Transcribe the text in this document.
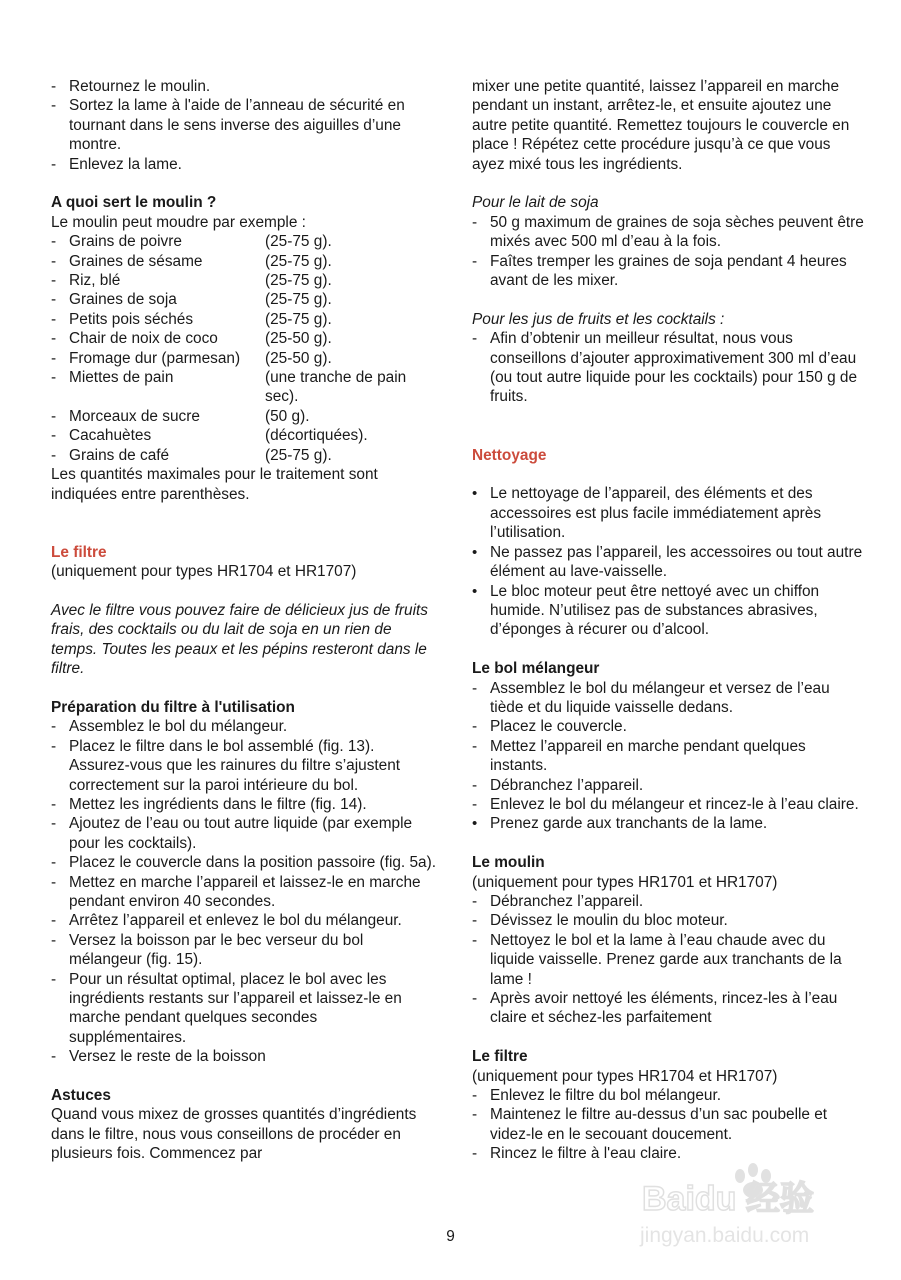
- Retournez le moulin.
- Sortez la lame à l'aide de l’anneau de sécurité en tournant dans le sens inverse des aiguilles d’une montre.
- Enlevez la lame.

A quoi sert le moulin ?

Le moulin peut moudre par exemple :

- Grains de poivre	(25-75 g).
- Graines de sésame	(25-75 g).
- Riz, blé	(25-75 g).
- Graines de soja	(25-75 g).
- Petits pois séchés	(25-75 g).
- Chair de noix de coco	(25-50 g).
- Fromage dur (parmesan)	(25-50 g).
- Miettes de pain	(une tranche de pain sec).
- Morceaux de sucre	(50 g).
- Cacahuètes	(décortiquées).
- Grains de café	(25-75 g).

Les quantités maximales pour le traitement sont indiquées entre parenthèses.

Le filtre

(uniquement pour types HR1704 et HR1707)

Avec le filtre vous pouvez faire de délicieux jus de fruits frais, des cocktails ou du lait de soja en un rien de temps. Toutes les peaux et les pépins resteront dans le filtre.

Préparation du filtre à l'utilisation

- Assemblez le bol du mélangeur.
- Placez le filtre dans le bol assemblé (fig. 13). Assurez-vous que les rainures du filtre s’ajustent correctement sur la paroi intérieure du bol.
- Mettez les ingrédients dans le filtre (fig. 14).
- Ajoutez de l’eau ou tout autre liquide (par exemple pour les cocktails).
- Placez le couvercle dans la position passoire (fig. 5a).
- Mettez en marche l’appareil et laissez-le en marche pendant environ 40 secondes.
- Arrêtez l’appareil et enlevez le bol du mélangeur.
- Versez la boisson par le bec verseur du bol mélangeur (fig. 15).
- Pour un résultat optimal, placez le bol avec les ingrédients restants sur l’appareil et laissez-le en marche pendant quelques secondes supplémentaires.
- Versez le reste de la boisson

Astuces

Quand vous mixez de grosses quantités d’ingrédients dans le filtre, nous vous conseillons de procéder en plusieurs fois. Commencez par

mixer une petite quantité, laissez l’appareil en marche pendant un instant, arrêtez-le, et ensuite ajoutez une autre petite quantité. Remettez toujours le couvercle en place ! Répétez cette procédure jusqu’à ce que vous ayez mixé tous les ingrédients.

Pour le lait de soja

- 50 g maximum de graines de soja sèches peuvent être mixés avec 500 ml d’eau à la fois.
- Faîtes tremper les graines de soja pendant 4 heures avant de les mixer.

Pour les jus de fruits et les cocktails :

- Afin d’obtenir un meilleur résultat, nous vous conseillons d’ajouter approximativement 300 ml d’eau (ou tout autre liquide pour les cocktails) pour 150 g de fruits.

Nettoyage

• Le nettoyage de l’appareil, des éléments et des accessoires est plus facile immédiatement après l’utilisation.
• Ne passez pas l’appareil, les accessoires ou tout autre élément au lave-vaisselle.
• Le bloc moteur peut être nettoyé avec un chiffon humide. N’utilisez pas de substances abrasives, d’éponges à récurer ou d’alcool.

Le bol mélangeur

- Assemblez le bol du mélangeur et versez de l’eau tiède et du liquide vaisselle dedans.
- Placez le couvercle.
- Mettez l’appareil en marche pendant quelques instants.
- Débranchez l’appareil.
- Enlevez le bol du mélangeur et rincez-le à l’eau claire.
• Prenez garde aux tranchants de la lame.

Le moulin

(uniquement pour types HR1701 et HR1707)

- Débranchez l’appareil.
- Dévissez le moulin du bloc moteur.
- Nettoyez le bol et la lame à l’eau chaude avec du liquide vaisselle. Prenez garde aux tranchants de la lame !
- Après avoir nettoyé les éléments, rincez-les à l’eau claire et séchez-les parfaitement

Le filtre

(uniquement pour types HR1704 et HR1707)

- Enlevez le filtre du bol mélangeur.
- Maintenez le filtre au-dessus d’un sac poubelle et videz-le en le secouant doucement.
- Rincez le filtre à l'eau claire.
9
Baidu 经验
jingyan.baidu.com
